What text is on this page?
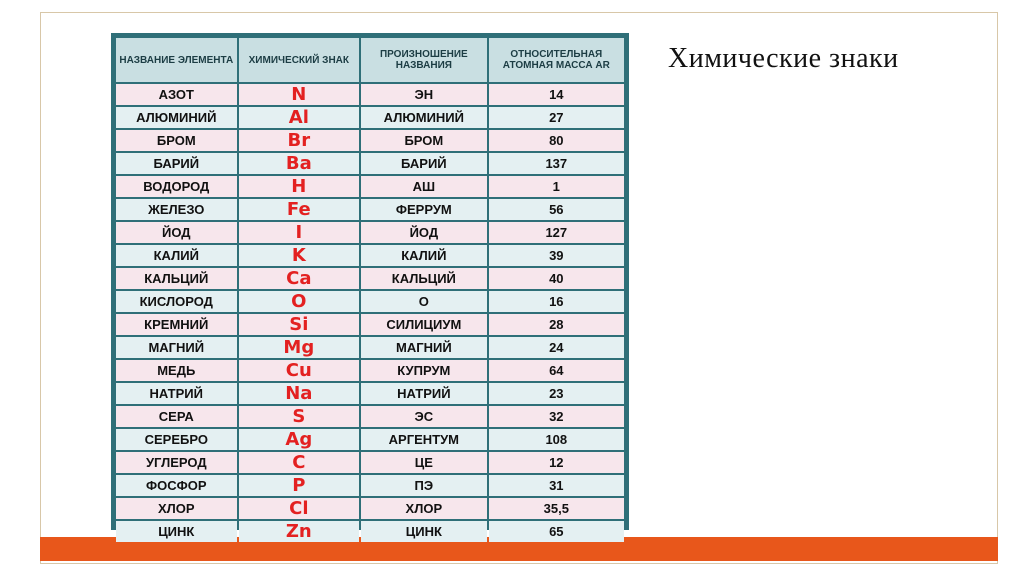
Химические знаки
НАЗВАНИЕ ЭЛЕМЕНТА	ХИМИЧЕСКИЙ ЗНАК	ПРОИЗНОШЕНИЕ НАЗВАНИЯ	ОТНОСИТЕЛЬНАЯ АТОМНАЯ МАССА AR
АЗОТ	N	ЭН	14
АЛЮМИНИЙ	Al	АЛЮМИНИЙ	27
БРОМ	Br	БРОМ	80
БАРИЙ	Ba	БАРИЙ	137
ВОДОРОД	H	АШ	1
ЖЕЛЕЗО	Fe	ФЕРРУМ	56
ЙОД	I	ЙОД	127
КАЛИЙ	K	КАЛИЙ	39
КАЛЬЦИЙ	Ca	КАЛЬЦИЙ	40
КИСЛОРОД	O	О	16
КРЕМНИЙ	Si	СИЛИЦИУМ	28
МАГНИЙ	Mg	МАГНИЙ	24
МЕДЬ	Cu	КУПРУМ	64
НАТРИЙ	Na	НАТРИЙ	23
СЕРА	S	ЭС	32
СЕРЕБРО	Ag	АРГЕНТУМ	108
УГЛЕРОД	C	ЦЕ	12
ФОСФОР	P	ПЭ	31
ХЛОР	Cl	ХЛОР	35,5
ЦИНК	Zn	ЦИНК	65
